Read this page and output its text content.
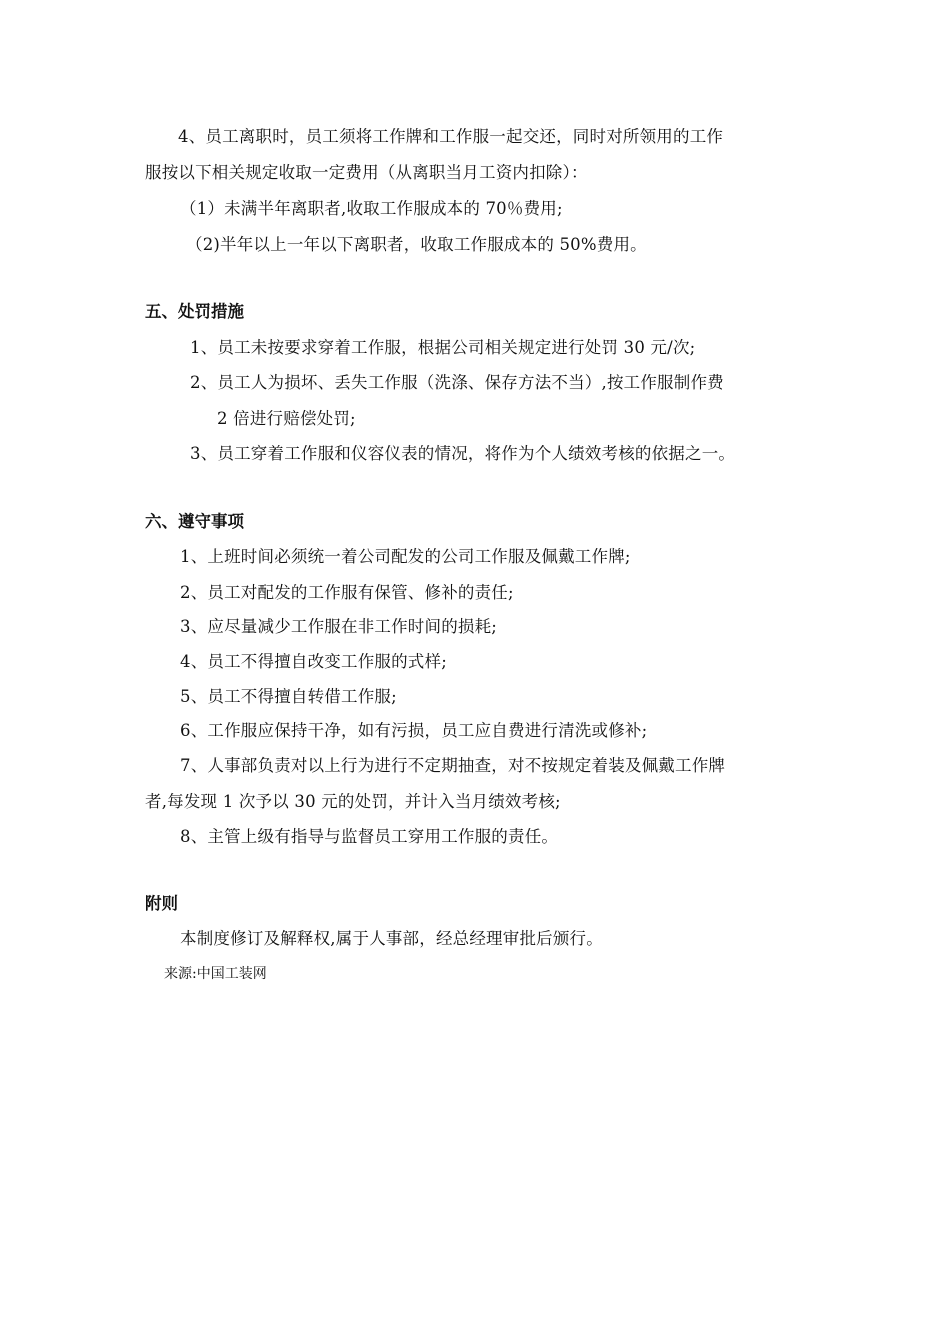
4、员工离职时，员工须将工作牌和工作服一起交还，同时对所领用的工作
服按以下相关规定收取一定费用（从离职当月工资内扣除）：
（1）未满半年离职者,收取工作服成本的 70％费用;
（2)半年以上一年以下离职者，收取工作服成本的 50%费用。
五、处罚措施
1、员工未按要求穿着工作服，根据公司相关规定进行处罚 30 元/次;
2、员工人为损坏、丢失工作服（洗涤、保存方法不当）,按工作服制作费
2 倍进行赔偿处罚;
3、员工穿着工作服和仪容仪表的情况，将作为个人绩效考核的依据之一。
六、遵守事项
1、上班时间必须统一着公司配发的公司工作服及佩戴工作牌;
2、员工对配发的工作服有保管、修补的责任;
3、应尽量减少工作服在非工作时间的损耗;
4、员工不得擅自改变工作服的式样;
5、员工不得擅自转借工作服;
6、工作服应保持干净，如有污损，员工应自费进行清洗或修补;
7、人事部负责对以上行为进行不定期抽查，对不按规定着装及佩戴工作牌
者,每发现 1 次予以 30 元的处罚，并计入当月绩效考核;
8、主管上级有指导与监督员工穿用工作服的责任。
附则
本制度修订及解释权,属于人事部，经总经理审批后颁行。
来源:中国工装网
